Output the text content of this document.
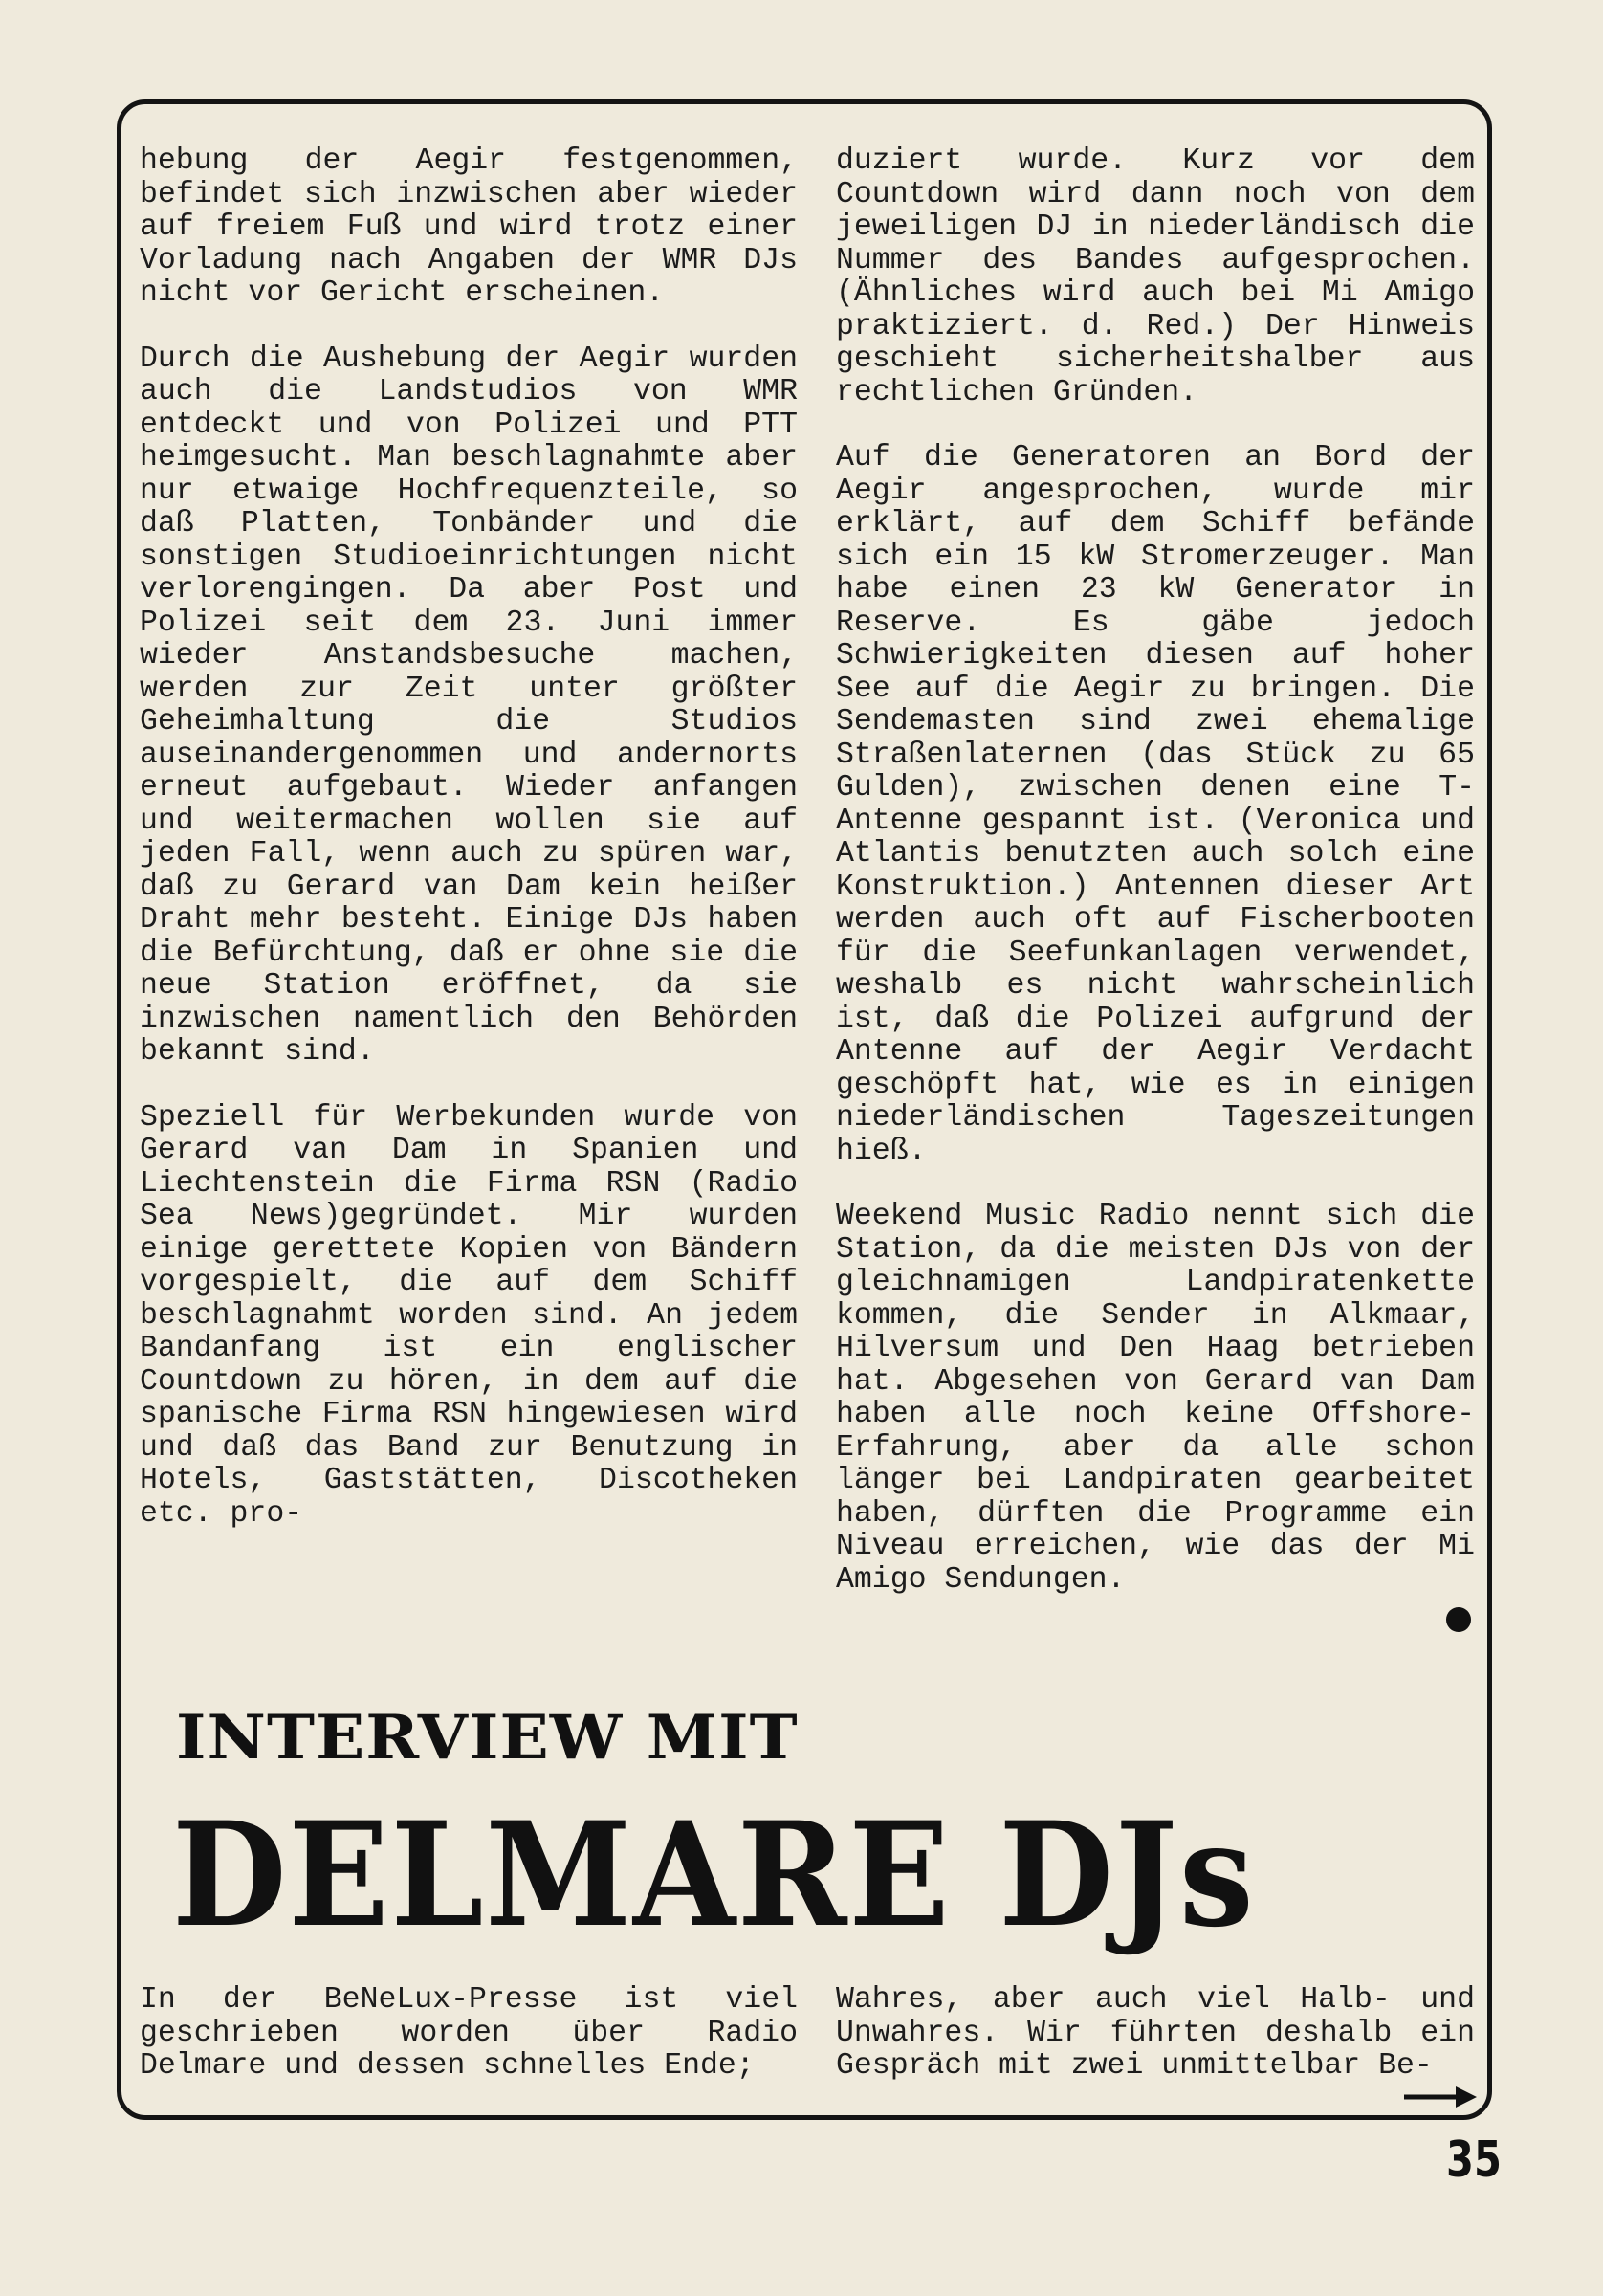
hebung der Aegir festgenommen, befindet sich inzwischen aber wieder auf freiem Fuß und wird trotz einer Vorladung nach Angaben der WMR DJs nicht vor Gericht erscheinen.

Durch die Aushebung der Aegir wurden auch die Landstudios von WMR entdeckt und von Polizei und PTT heimgesucht. Man beschlagnahmte aber nur etwaige Hochfrequenzteile, so daß Platten, Tonbänder und die sonstigen Studioeinrichtungen nicht verlorengingen. Da aber Post und Polizei seit dem 23. Juni immer wieder Anstandsbesuche machen, werden zur Zeit unter größter Geheimhaltung die Studios auseinandergenommen und andernorts erneut aufgebaut. Wieder anfangen und weitermachen wollen sie auf jeden Fall, wenn auch zu spüren war, daß zu Gerard van Dam kein heißer Draht mehr besteht. Einige DJs haben die Befürchtung, daß er ohne sie die neue Station eröffnet, da sie inzwischen namentlich den Behörden bekannt sind.

Speziell für Werbekunden wurde von Gerard van Dam in Spanien und Liechtenstein die Firma RSN (Radio Sea News)gegründet. Mir wurden einige gerettete Kopien von Bändern vorgespielt, die auf dem Schiff beschlagnahmt worden sind. An jedem Bandanfang ist ein englischer Countdown zu hören, in dem auf die spanische Firma RSN hingewiesen wird und daß das Band zur Benutzung in Hotels, Gaststätten, Discotheken etc. pro-

duziert wurde. Kurz vor dem Countdown wird dann noch von dem jeweiligen DJ in niederländisch die Nummer des Bandes aufgesprochen. (Ähnliches wird auch bei Mi Amigo praktiziert. d. Red.) Der Hinweis geschieht sicherheitshalber aus rechtlichen Gründen.

Auf die Generatoren an Bord der Aegir angesprochen, wurde mir erklärt, auf dem Schiff befände sich ein 15 kW Stromerzeuger. Man habe einen 23 kW Generator in Reserve. Es gäbe jedoch Schwierigkeiten diesen auf hoher See auf die Aegir zu bringen. Die Sendemasten sind zwei ehemalige Straßenlaternen (das Stück zu 65 Gulden), zwischen denen eine T-Antenne gespannt ist. (Veronica und Atlantis benutzten auch solch eine Konstruktion.) Antennen dieser Art werden auch oft auf Fischerbooten für die Seefunkanlagen verwendet, weshalb es nicht wahrscheinlich ist, daß die Polizei aufgrund der Antenne auf der Aegir Verdacht geschöpft hat, wie es in einigen niederländischen Tageszeitungen hieß.

Weekend Music Radio nennt sich die Station, da die meisten DJs von der gleichnamigen Landpiratenkette kommen, die Sender in Alkmaar, Hilversum und Den Haag betrieben hat. Abgesehen von Gerard van Dam haben alle noch keine Offshore-Erfahrung, aber da alle schon länger bei Landpiraten gearbeitet haben, dürften die Programme ein Niveau erreichen, wie das der Mi Amigo Sendungen.

INTERVIEW MIT
DELMARE DJs

In der BeNeLux-Presse ist viel geschrieben worden über Radio Delmare und dessen schnelles Ende;

Wahres, aber auch viel Halb- und Unwahres. Wir führten deshalb ein Gespräch mit zwei unmittelbar Be-

35
